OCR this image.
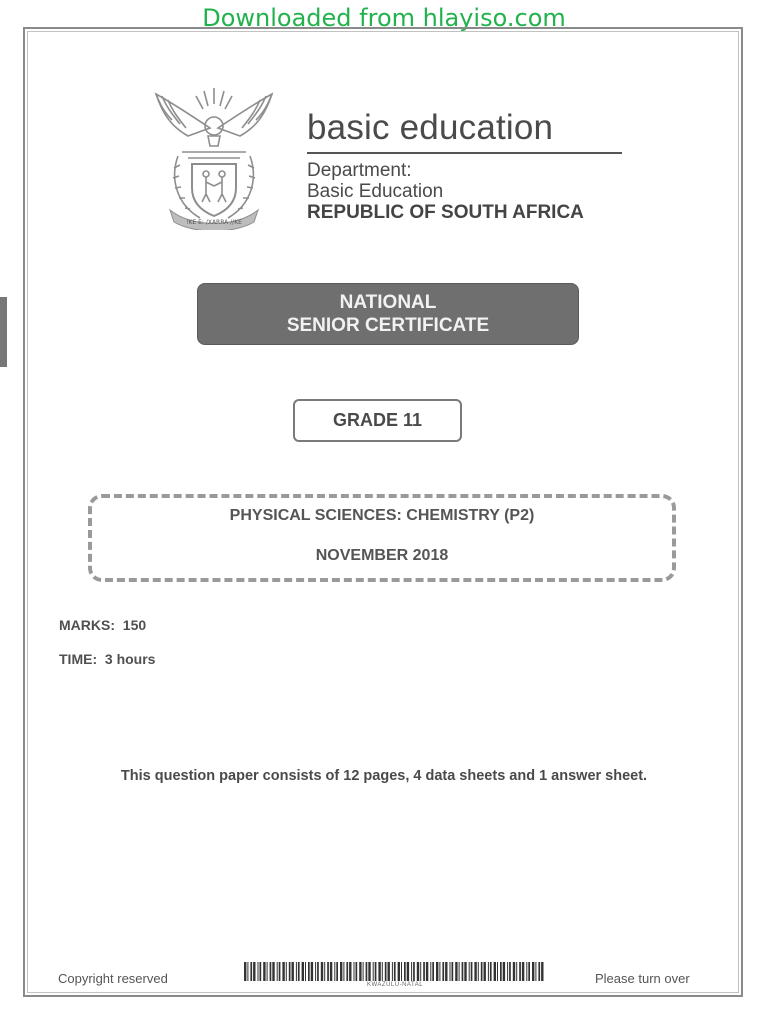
Downloaded from hlayiso.com
!KE E: /XARRA //KE
basic education
Department:
Basic Education
REPUBLIC OF SOUTH AFRICA
NATIONAL
SENIOR CERTIFICATE
GRADE 11
PHYSICAL SCIENCES: CHEMISTRY (P2)
NOVEMBER 2018
MARKS: 150
TIME: 3 hours
This question paper consists of 12 pages, 4 data sheets and 1 answer sheet.
Copyright reserved	KWAZULU-NATAL	Please turn over
